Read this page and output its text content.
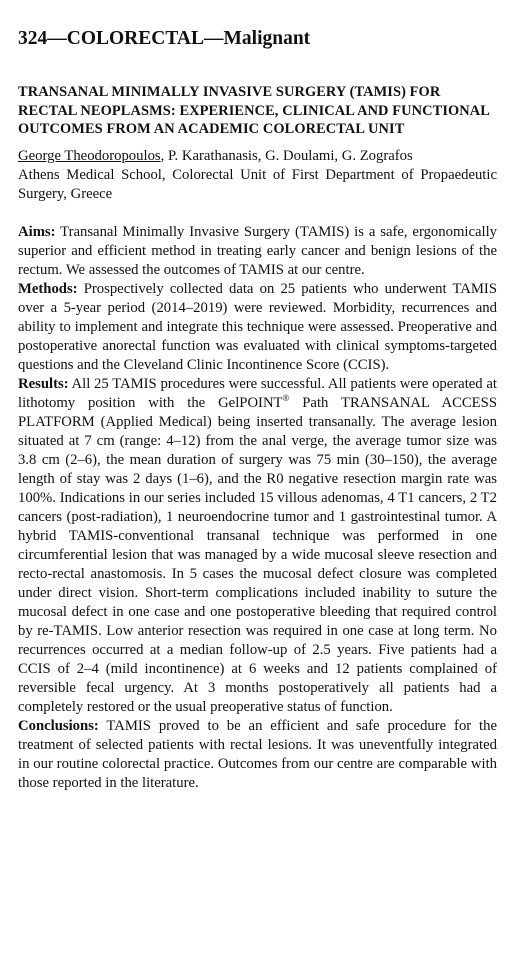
324—COLORECTAL—Malignant
TRANSANAL MINIMALLY INVASIVE SURGERY (TAMIS) FOR RECTAL NEOPLASMS: EXPERIENCE, CLINICAL AND FUNCTIONAL OUTCOMES FROM AN ACADEMIC COLORECTAL UNIT

George Theodoropoulos, P. Karathanasis, G. Doulami, G. Zografos

Athens Medical School, Colorectal Unit of First Department of Propaedeutic Surgery, Greece

Aims: Transanal Minimally Invasive Surgery (TAMIS) is a safe, ergonomically superior and efficient method in treating early cancer and benign lesions of the rectum. We assessed the outcomes of TAMIS at our centre.

Methods: Prospectively collected data on 25 patients who underwent TAMIS over a 5-year period (2014–2019) were reviewed. Morbidity, recurrences and ability to implement and integrate this technique were assessed. Preoperative and postoperative anorectal function was evaluated with clinical symptoms-targeted questions and the Cleveland Clinic Incontinence Score (CCIS).

Results: All 25 TAMIS procedures were successful. All patients were operated at lithotomy position with the GelPOINT® Path TRANSANAL ACCESS PLATFORM (Applied Medical) being inserted transanally. The average lesion situated at 7 cm (range: 4–12) from the anal verge, the average tumor size was 3.8 cm (2–6), the mean duration of surgery was 75 min (30–150), the average length of stay was 2 days (1–6), and the R0 negative resection margin rate was 100%. Indications in our series included 15 villous adenomas, 4 T1 cancers, 2 T2 cancers (post-radiation), 1 neuroendocrine tumor and 1 gastrointestinal tumor. A hybrid TAMIS-conventional transanal technique was performed in one circumferential lesion that was managed by a wide mucosal sleeve resection and recto-rectal anastomosis. In 5 cases the mucosal defect closure was completed under direct vision. Short-term complications included inability to suture the mucosal defect in one case and one postoperative bleeding that required control by re-TAMIS. Low anterior resection was required in one case at long term. No recurrences occurred at a median follow-up of 2.5 years. Five patients had a CCIS of 2–4 (mild incontinence) at 6 weeks and 12 patients complained of reversible fecal urgency. At 3 months postoperatively all patients had a completely restored or the usual preoperative status of function.

Conclusions: TAMIS proved to be an efficient and safe procedure for the treatment of selected patients with rectal lesions. It was uneventfully integrated in our routine colorectal practice. Outcomes from our centre are comparable with those reported in the literature.
